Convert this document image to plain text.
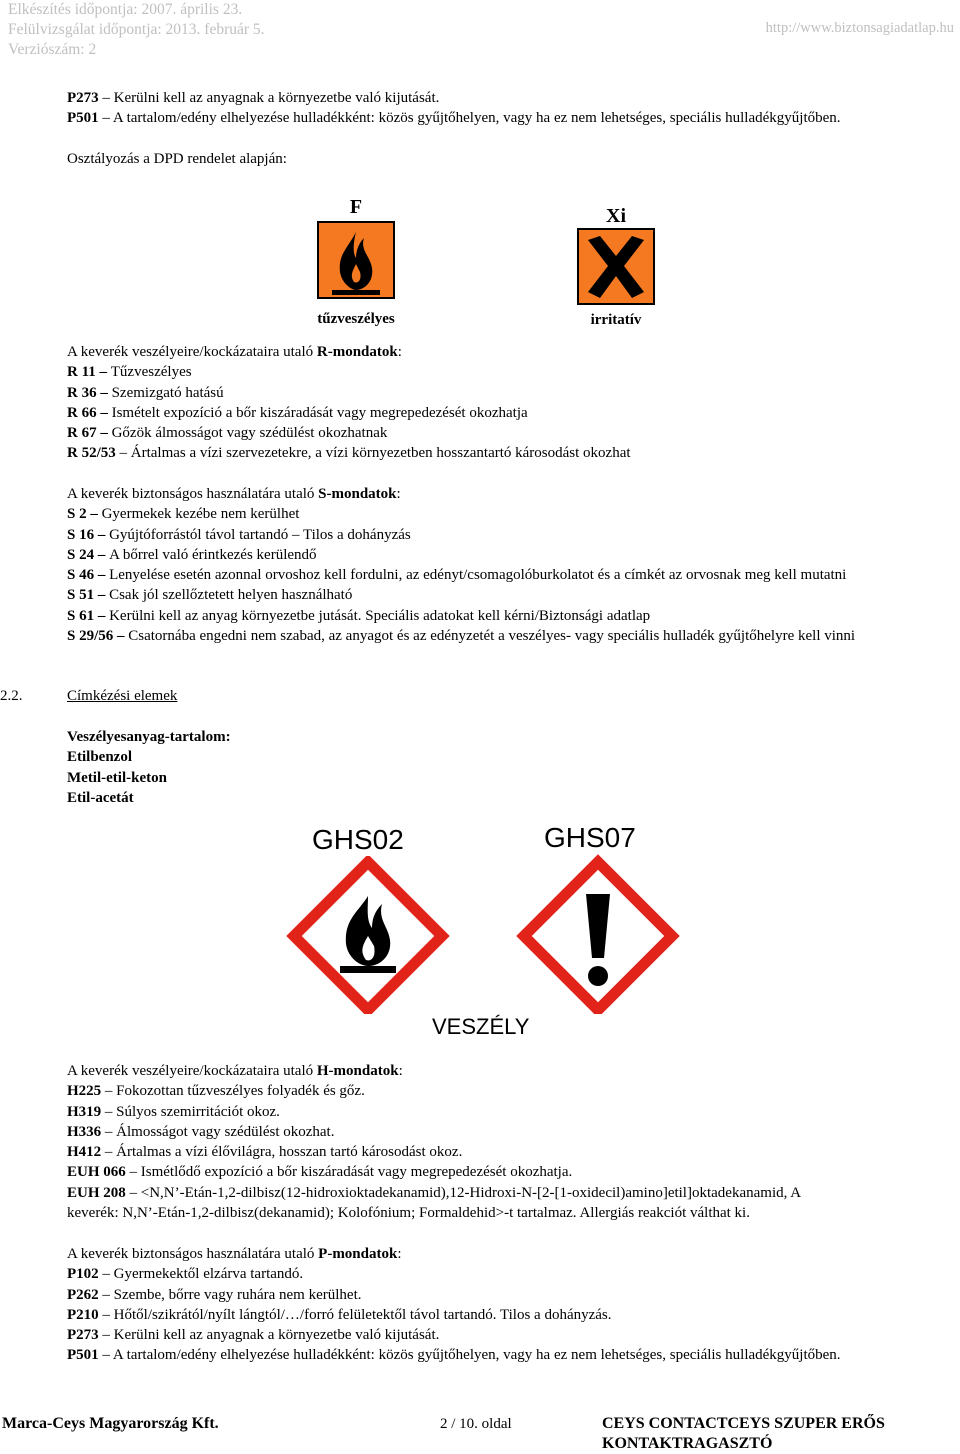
Elkészítés időpontja: 2007. április 23.
Felülvizsgálat időpontja: 2013. február 5.
Verziószám: 2
http://www.biztonsagiadatlap.hu
P273 – Kerülni kell az anyagnak a környezetbe való kijutását.
P501 – A tartalom/edény elhelyezése hulladékként: közös gyűjtőhelyen, vagy ha ez nem lehetséges, speciális hulladékgyűjtőben.
Osztályozás a DPD rendelet alapján:
F
tűzveszélyes
Xi
irritatív
A keverék veszélyeire/kockázataira utaló R-mondatok:
R 11 – Tűzveszélyes
R 36 – Szemizgató hatású
R 66 – Ismételt expozíció a bőr kiszáradását vagy megrepedezését okozhatja
R 67 – Gőzök álmosságot vagy szédülést okozhatnak
R 52/53 – Ártalmas a vízi szervezetekre, a vízi környezetben hosszantartó károsodást okozhat
A keverék biztonságos használatára utaló S-mondatok:
S 2 – Gyermekek kezébe nem kerülhet
S 16 – Gyújtóforrástól távol tartandó – Tilos a dohányzás
S 24 – A bőrrel való érintkezés kerülendő
S 46 – Lenyelése esetén azonnal orvoshoz kell fordulni, az edényt/csomagolóburkolatot és a címkét az orvosnak meg kell mutatni
S 51 – Csak jól szellőztetett helyen használható
S 61 – Kerülni kell az anyag környezetbe jutását. Speciális adatokat kell kérni/Biztonsági adatlap
S 29/56 – Csatornába engedni nem szabad, az anyagot és az edényzetét a veszélyes- vagy speciális hulladék gyűjtőhelyre kell vinni
2.2.	Címkézési elemek
Veszélyesanyag-tartalom:
Etilbenzol
Metil-etil-keton
Etil-acetát
GHS02	GHS07
VESZÉLY
A keverék veszélyeire/kockázataira utaló H-mondatok:
H225 – Fokozottan tűzveszélyes folyadék és gőz.
H319 – Súlyos szemirritációt okoz.
H336 – Álmosságot vagy szédülést okozhat.
H412 – Ártalmas a vízi élővilágra, hosszan tartó károsodást okoz.
EUH 066 – Ismétlődő expozíció a bőr kiszáradását vagy megrepedezését okozhatja.
EUH 208 – <N,N’-Etán-1,2-dilbisz(12-hidroxioktadekanamid),12-Hidroxi-N-[2-[1-oxidecil)amino]etil]oktadekanamid, A
keverék: N,N’-Etán-1,2-dilbisz(dekanamid); Kolofónium; Formaldehid>-t tartalmaz. Allergiás reakciót válthat ki.
A keverék biztonságos használatára utaló P-mondatok:
P102 – Gyermekektől elzárva tartandó.
P262 – Szembe, bőrre vagy ruhára nem kerülhet.
P210 – Hőtől/szikrától/nyílt lángtól/…/forró felületektől távol tartandó. Tilos a dohányzás.
P273 – Kerülni kell az anyagnak a környezetbe való kijutását.
P501 – A tartalom/edény elhelyezése hulladékként: közös gyűjtőhelyen, vagy ha ez nem lehetséges, speciális hulladékgyűjtőben.
Marca-Ceys Magyarország Kft.	2 / 10. oldal	CEYS CONTACTCEYS SZUPER ERŐS
KONTAKTRAGASZTÓ
